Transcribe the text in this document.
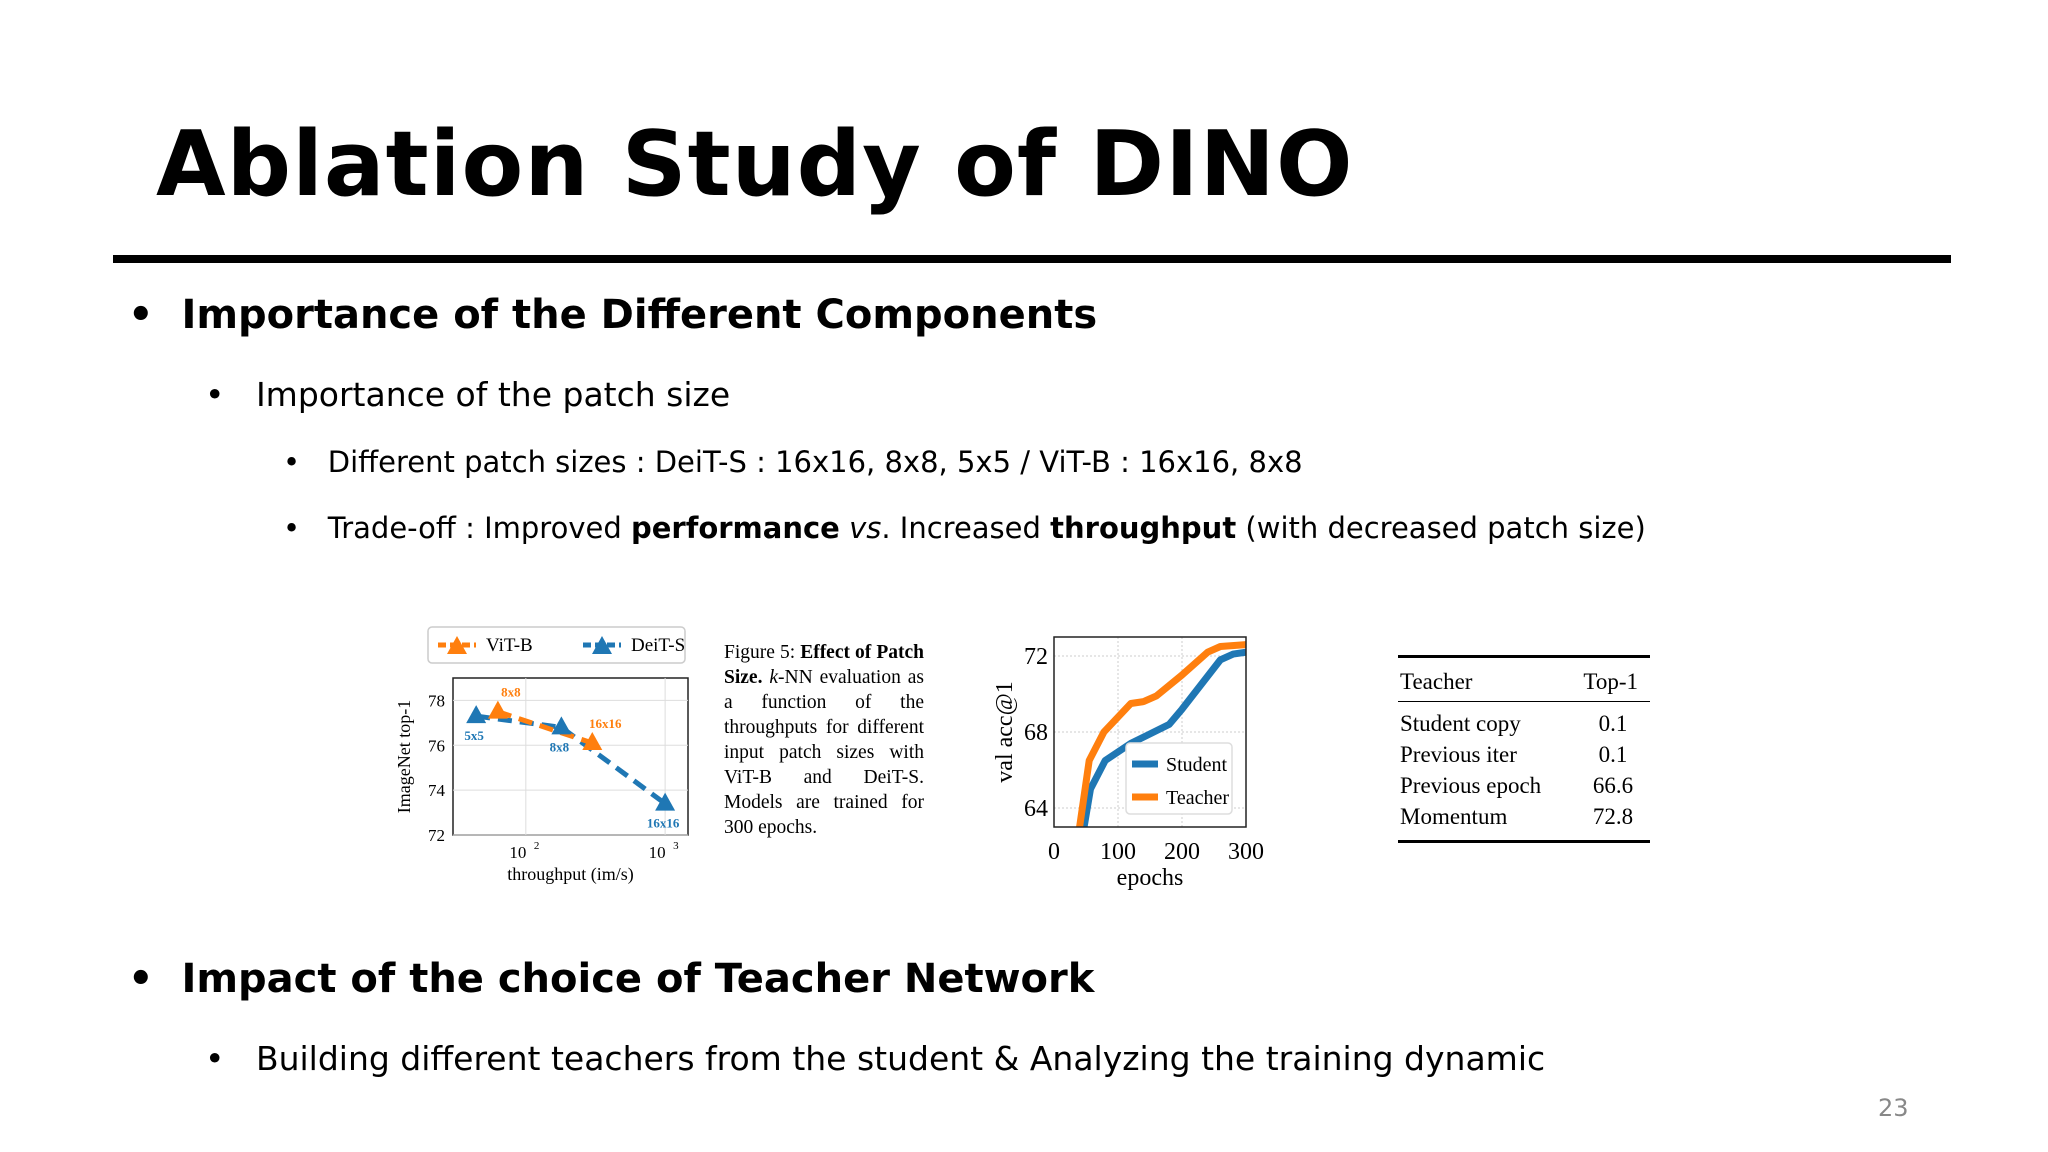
Ablation Study of DINO
• Importance of the Different Components
• Importance of the patch size
• Different patch sizes : DeiT-S : 16x16, 8x8, 5x5 / ViT-B : 16x16, 8x8
• Trade-off : Improved performance vs. Increased throughput (with decreased patch size)
72
74
76
78
10 2	10 3
throughput (im/s)
ImageNet top-1
ViT-B	DeiT-S
8x8
16x16
5x5
8x8
16x16
Figure 5: Effect of Patch Size. k-NN evaluation as a function of the throughputs for different input patch sizes with ViT-B and DeiT-S. Models are trained for 300 epochs.
64
68
72
0 100 200 300
epochs
val acc@1	Student
Teacher
Teacher	Top-1
Student copy	0.1
Previous iter	0.1
Previous epoch 66.6
Momentum	72.8
• Impact of the choice of Teacher Network
• Building different teachers from the student & Analyzing the training dynamic
23
